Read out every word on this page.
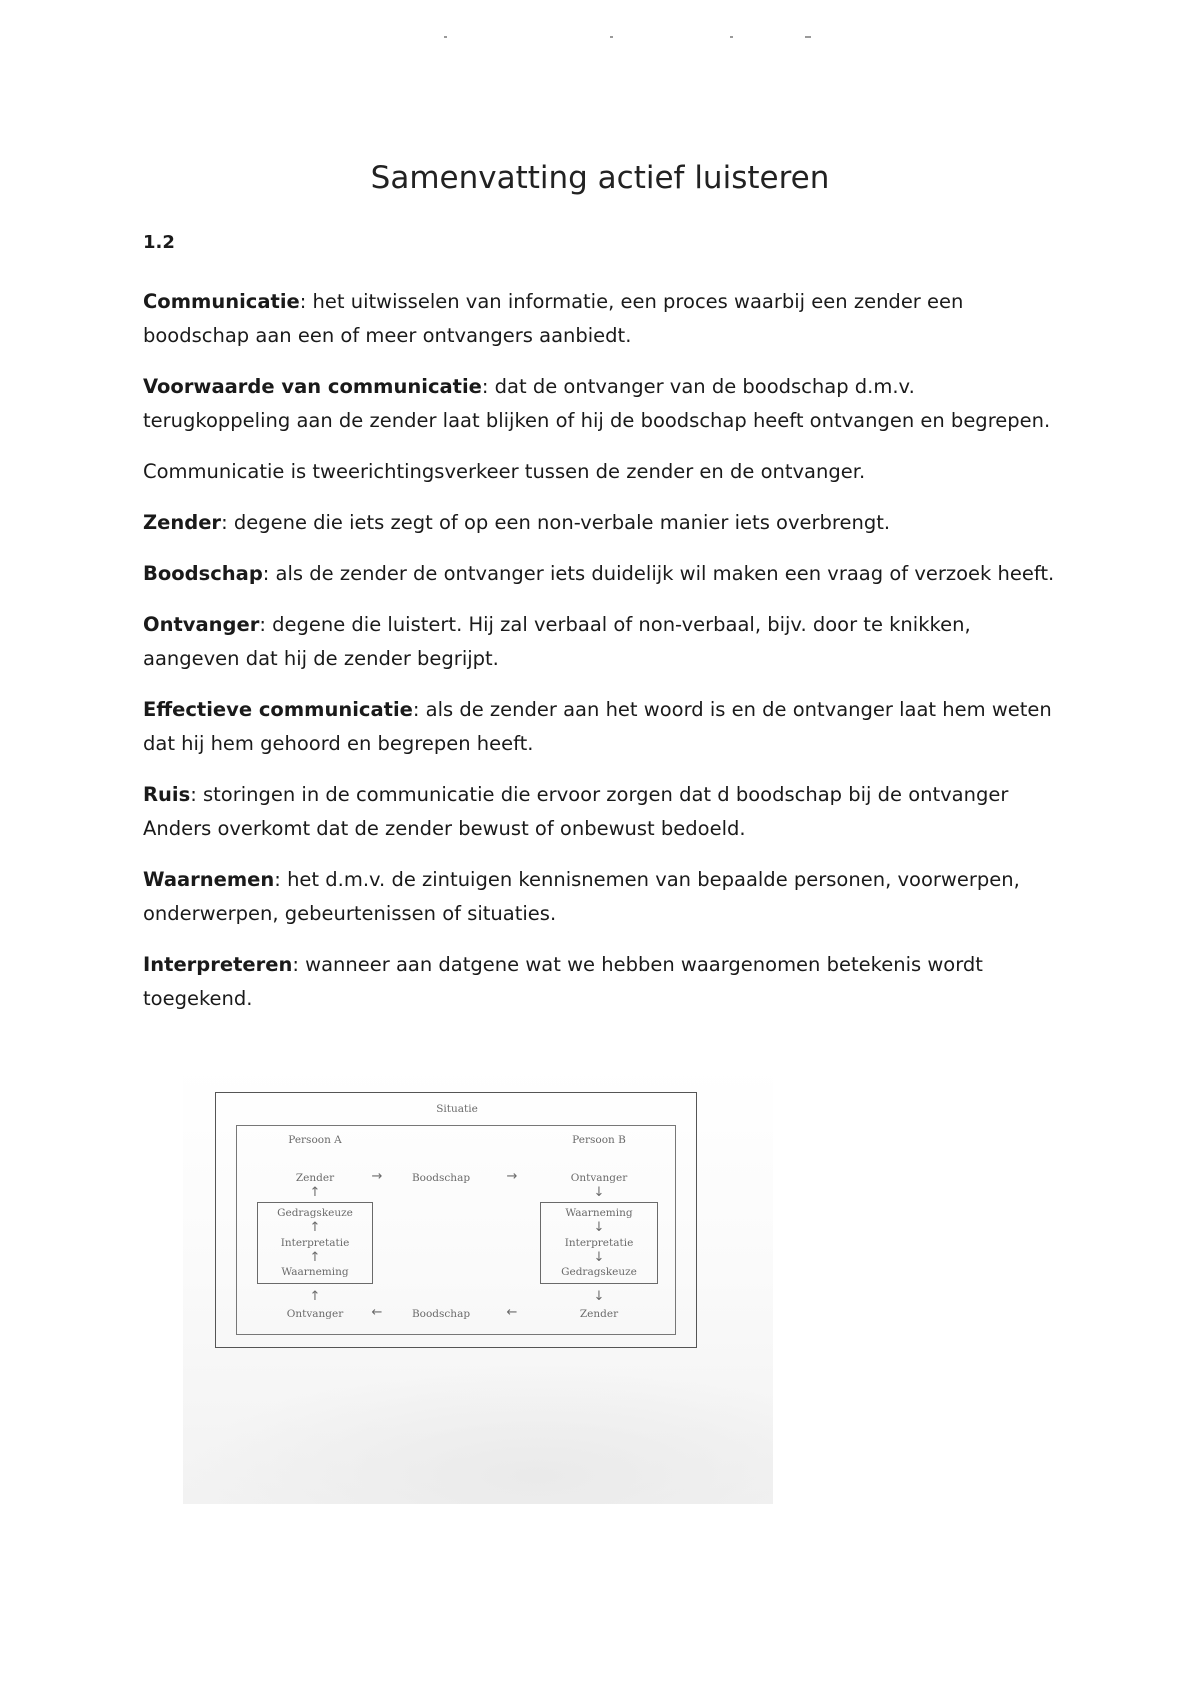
Samenvatting actief luisteren

1.2

Communicatie: het uitwisselen van informatie, een proces waarbij een zender een boodschap aan een of meer ontvangers aanbiedt.

Voorwaarde van communicatie: dat de ontvanger van de boodschap d.m.v. terugkoppeling aan de zender laat blijken of hij de boodschap heeft ontvangen en begrepen.

Communicatie is tweerichtingsverkeer tussen de zender en de ontvanger.

Zender: degene die iets zegt of op een non-verbale manier iets overbrengt.

Boodschap: als de zender de ontvanger iets duidelijk wil maken een vraag of verzoek heeft.

Ontvanger: degene die luistert. Hij zal verbaal of non-verbaal, bijv. door te knikken, aangeven dat hij de zender begrijpt.

Effectieve communicatie: als de zender aan het woord is en de ontvanger laat hem weten dat hij hem gehoord en begrepen heeft.

Ruis: storingen in de communicatie die ervoor zorgen dat d boodschap bij de ontvanger Anders overkomt dat de zender bewust of onbewust bedoeld.

Waarnemen: het d.m.v. de zintuigen kennisnemen van bepaalde personen, voorwerpen, onderwerpen, gebeurtenissen of situaties.

Interpreteren: wanneer aan datgene wat we hebben waargenomen betekenis wordt toegekend.

Situatie
Persoon A	Persoon B
Zender	→	Boodschap	→	Ontvanger
↑	↓
Gedragskeuze
↑
Interpretatie
↑
Waarneming
Waarneming
↓
Interpretatie
↓
Gedragskeuze
↑	↓
Ontvanger ←	Boodschap	←	Zender
